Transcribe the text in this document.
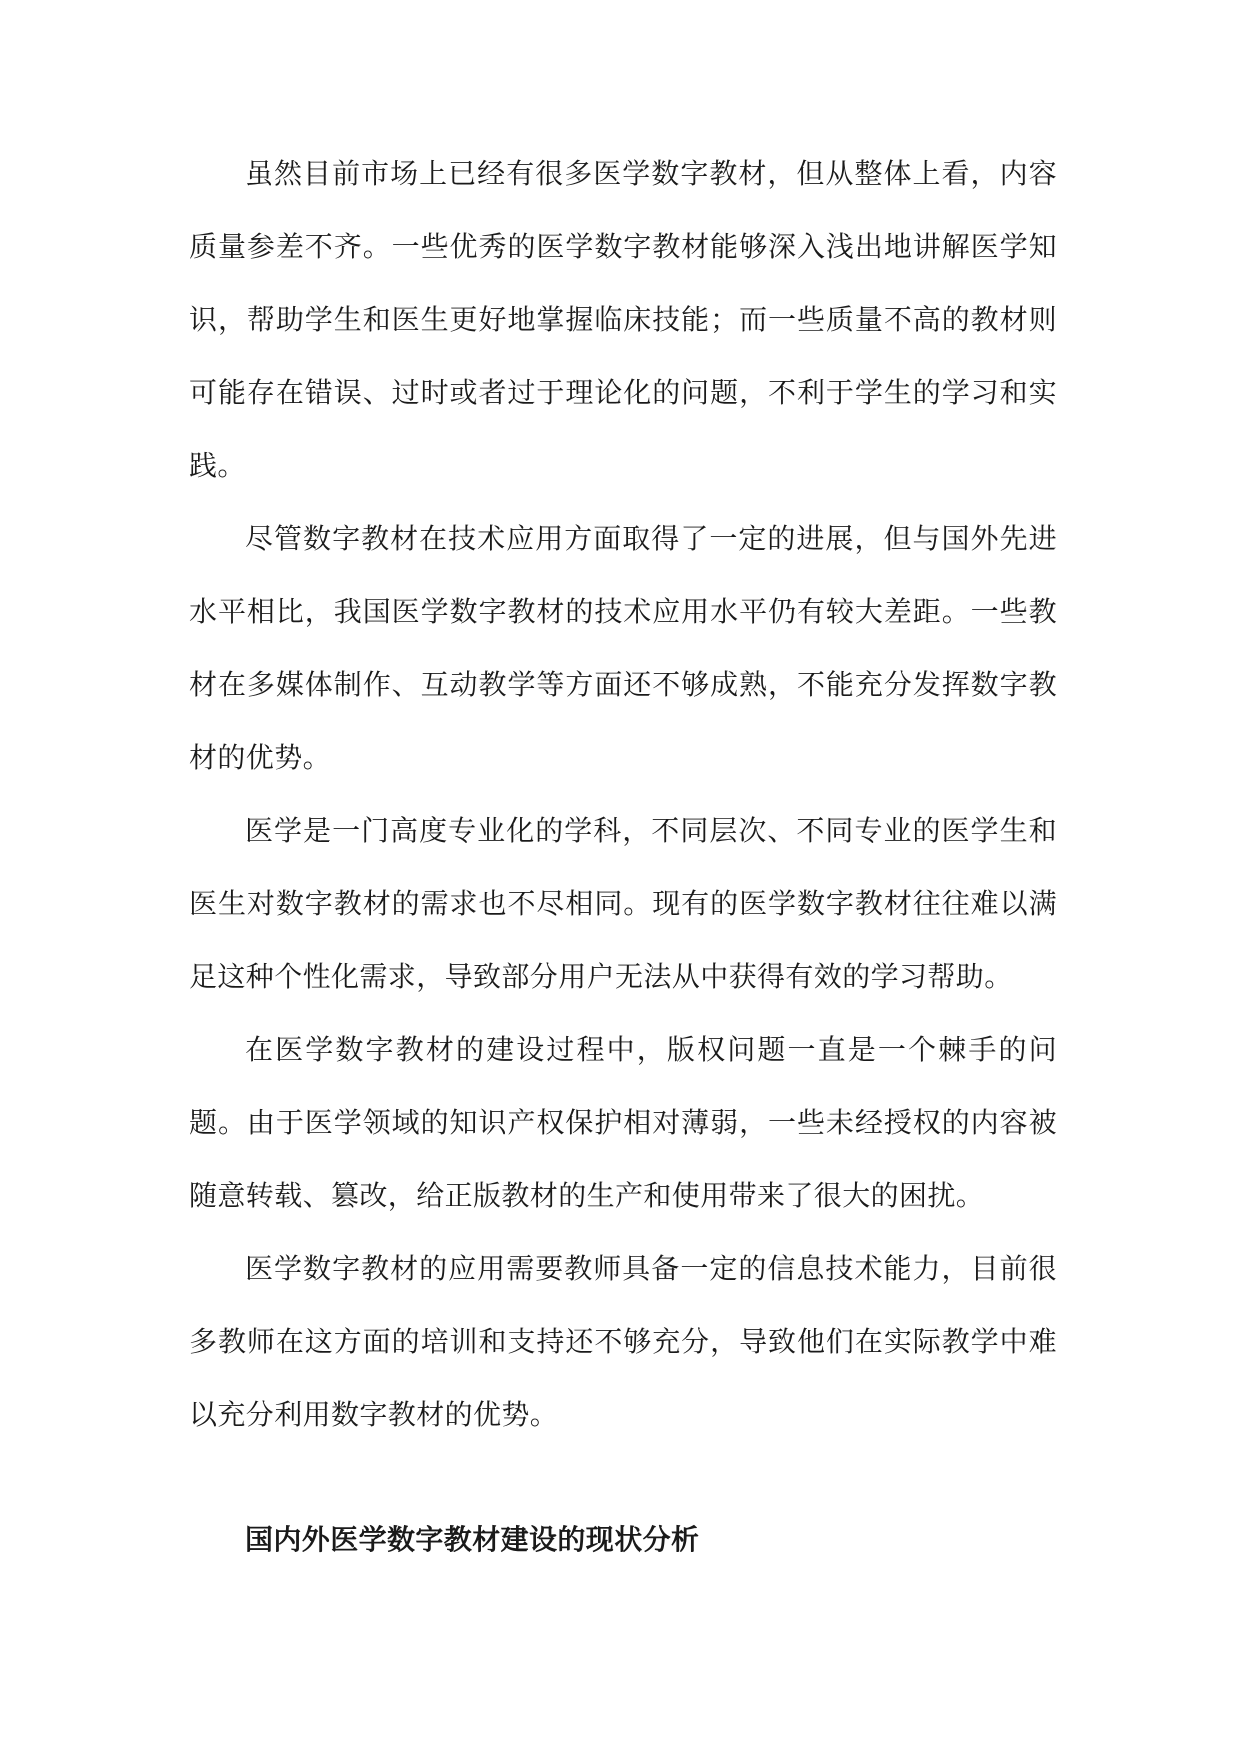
虽然目前市场上已经有很多医学数字教材，但从整体上看，内容质量参差不齐。一些优秀的医学数字教材能够深入浅出地讲解医学知识，帮助学生和医生更好地掌握临床技能；而一些质量不高的教材则可能存在错误、过时或者过于理论化的问题，不利于学生的学习和实践。

尽管数字教材在技术应用方面取得了一定的进展，但与国外先进水平相比，我国医学数字教材的技术应用水平仍有较大差距。一些教材在多媒体制作、互动教学等方面还不够成熟，不能充分发挥数字教材的优势。

医学是一门高度专业化的学科，不同层次、不同专业的医学生和医生对数字教材的需求也不尽相同。现有的医学数字教材往往难以满足这种个性化需求，导致部分用户无法从中获得有效的学习帮助。

在医学数字教材的建设过程中，版权问题一直是一个棘手的问题。由于医学领域的知识产权保护相对薄弱，一些未经授权的内容被随意转载、篡改，给正版教材的生产和使用带来了很大的困扰。

医学数字教材的应用需要教师具备一定的信息技术能力，目前很多教师在这方面的培训和支持还不够充分，导致他们在实际教学中难以充分利用数字教材的优势。

国内外医学数字教材建设的现状分析
